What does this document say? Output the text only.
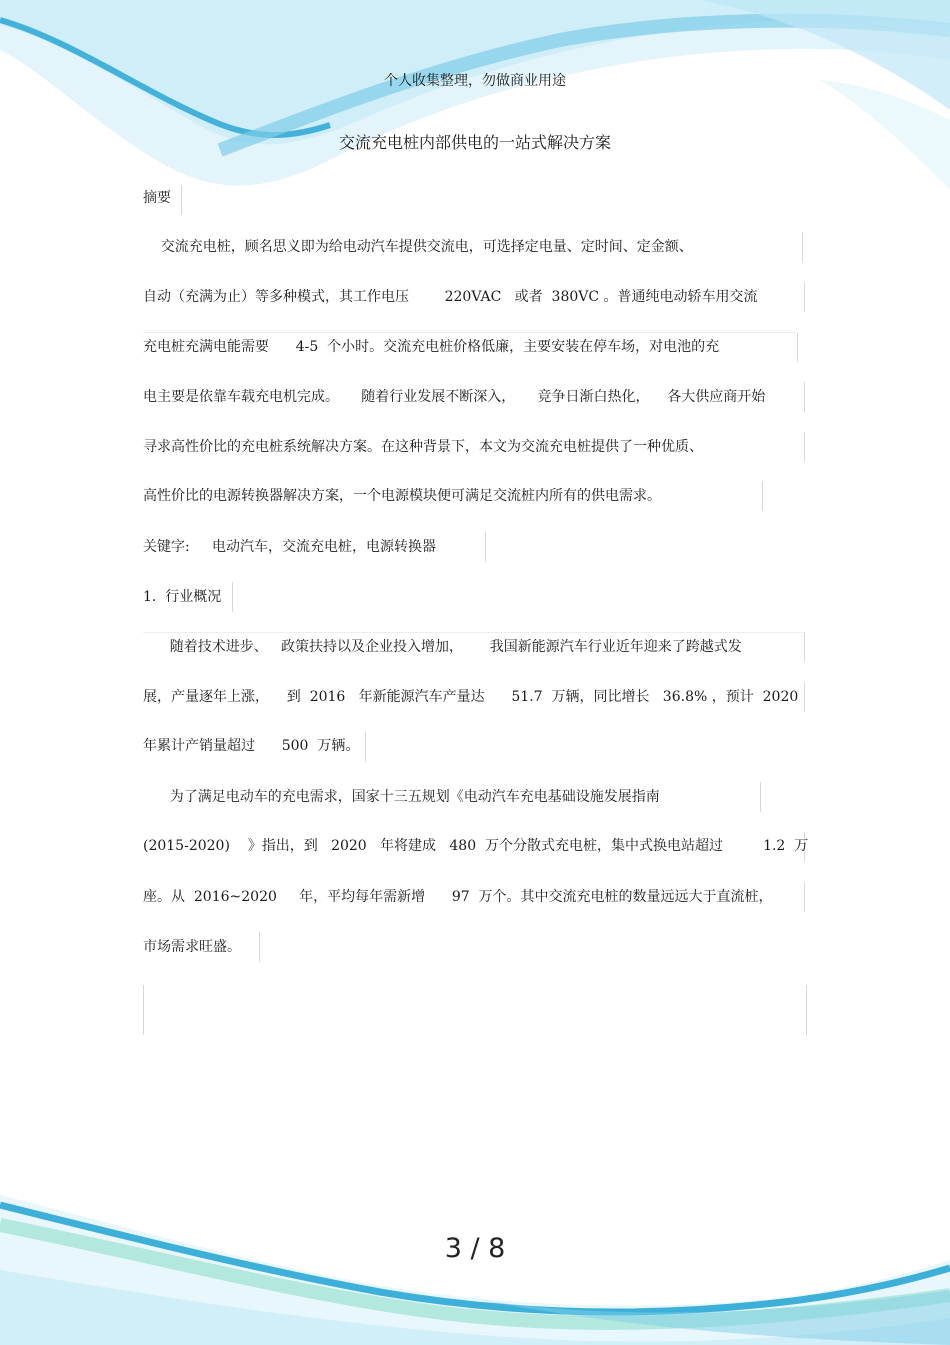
个人收集整理，勿做商业用途
交流充电桩内部供电的一站式解决方案
摘要
交流充电桩，顾名思义即为给电动汽车提供交流电，可选择定电量、定时间、定金额、
自动（充满为止）等多种模式，其工作电压        220VAC   或者  380VC 。普通纯电动轿车用交流
充电桩充满电能需要      4-5  个小时。交流充电桩价格低廉，主要安装在停车场，对电池的充
电主要是依靠车载充电机完成。     随着行业发展不断深入，     竞争日渐白热化，    各大供应商开始
寻求高性价比的充电桩系统解决方案。在这种背景下，本文为交流充电桩提供了一种优质、
高性价比的电源转换器解决方案，一个电源模块便可满足交流桩内所有的供电需求。
关键字:     电动汽车，交流充电桩，电源转换器
1.  行业概况
随着技术进步、   政策扶持以及企业投入增加，      我国新能源汽车行业近年迎来了跨越式发
展，产量逐年上涨，    到  2016   年新能源汽车产量达      51.7  万辆，同比增长   36.8% ，预计  2020
年累计产销量超过      500  万辆。
为了满足电动车的充电需求，国家十三五规划《电动汽车充电基础设施发展指南
(2015-2020)    》指出，到   2020   年将建成   480  万个分散式充电桩，集中式换电站超过         1.2  万
座。从  2016~2020     年，平均每年需新增      97  万个。其中交流充电桩的数量远远大于直流桩，
市场需求旺盛。
3 / 8
